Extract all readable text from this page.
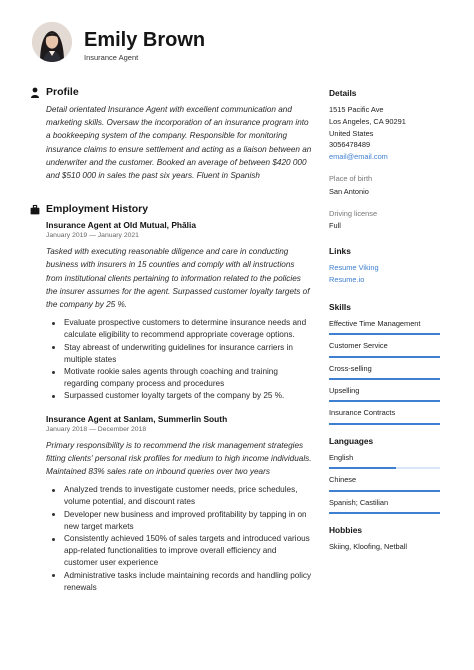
Emily Brown
Insurance Agent
Profile

Detail orientated Insurance Agent with excellent communication and marketing skills. Oversaw the incorporation of an insurance program into a bookkeeping system of the company. Responsible for monitoring insurance claims to ensure settlement and acting as a liaison between an underwriter and the customer. Booked an average of between $420 000 and $510 000 in sales the past six years. Fluent in Spanish

Employment History
Insurance Agent at Old Mutual, Phālia
January 2019 — January 2021

Tasked with executing reasonable diligence and care in conducting business with insurers in 15 counties and comply with all instructions from institutional clients pertaining to information related to the policies the insurer assumes for the agent. Surpassed customer loyalty targets of the company by 25 %.

Evaluate prospective customers to determine insurance needs and calculate eligibility to recommend appropriate coverage options.
Stay abreast of underwriting guidelines for insurance carriers in multiple states
Motivate rookie sales agents through coaching and training regarding company process and procedures
Surpassed customer loyalty targets of the company by 25 %.
Insurance Agent at Sanlam, Summerlin South
January 2018 — December 2018

Primary responsibility is to recommend the risk management strategies fitting clients' personal risk profiles for medium to high income individuals. Maintained 83% sales rate on inbound queries over two years

Analyzed trends to investigate customer needs, price schedules, volume potential, and discount rates
Developer new business and improved profitability by tapping in on new target markets
Consistently achieved 150% of sales targets and introduced various app-related functionalities to improve overall efficiency and customer user experience
Administrative tasks include maintaining records and handling policy renewals
Details
1515 Pacific Ave
Los Angeles, CA 90291
United States
3056478489
email@email.com
Place of birth
San Antonio
Driving license
Full
Links
Resume Viking
Resume.io
Skills
Effective Time Management
Customer Service
Cross-selling
Upselling
Insurance Contracts
Languages
English
Chinese
Spanish; Castilian
Hobbies
Skiing, Kloofing, Netball
